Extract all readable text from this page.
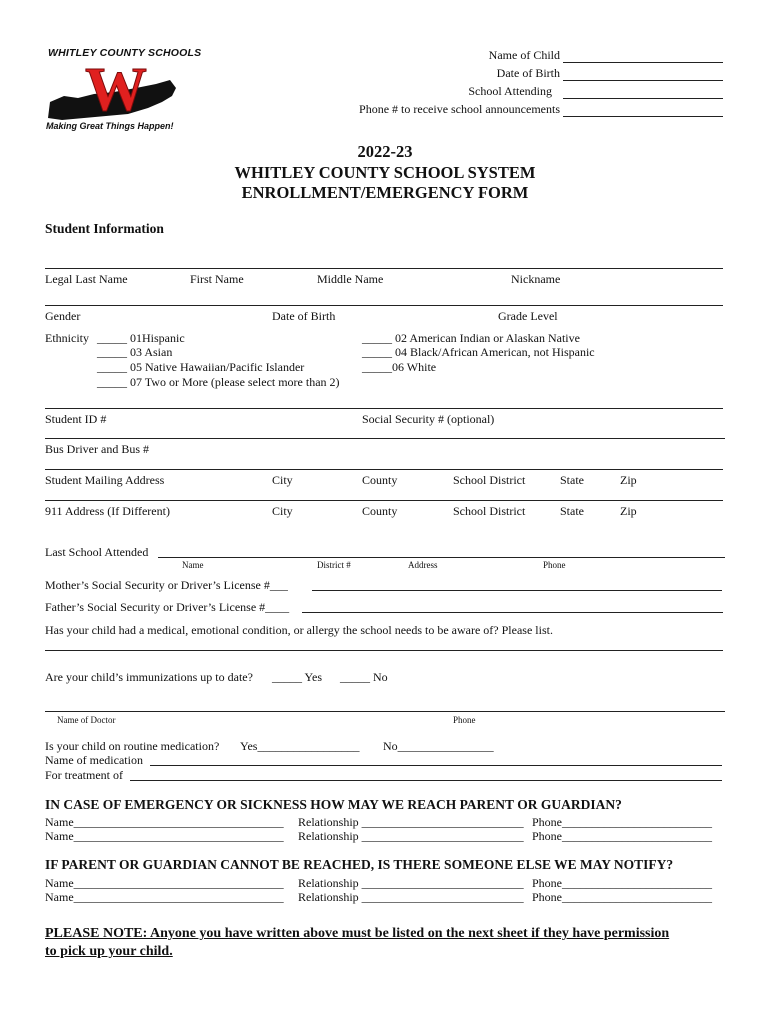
WHITLEY COUNTY SCHOOLS
W
Making Great Things Happen!
Name of Child
Date of Birth
School Attending
Phone # to receive school announcements
2022-23
WHITLEY COUNTY SCHOOL SYSTEM
ENROLLMENT/EMERGENCY FORM
Student Information
Legal Last Name	First Name	Middle Name	Nickname
Gender	Date of Birth	Grade Level
Ethnicity _____ 01Hispanic
_____ 03 Asian
_____ 05 Native Hawaiian/Pacific Islander
_____ 07 Two or More (please select more than 2)
_____ 02 American Indian or Alaskan Native
_____ 04 Black/African American, not Hispanic
_____06 White
Student ID #	Social Security # (optional)
Bus Driver and Bus #
Student Mailing Address	City	County	School District	State	Zip
911 Address (If Different)	City	County	School District	State	Zip
Last School Attended
Name	District #	Address	Phone
Mother’s Social Security or Driver’s License #___
Father’s Social Security or Driver’s License #____
Has your child had a medical, emotional condition, or allergy the school needs to be aware of? Please list.
Are your child’s immunizations up to date? _____ Yes _____ No
Name of Doctor	Phone
Is your child on routine medication? Yes_________________ No________________
Name of medication
For treatment of
IN CASE OF EMERGENCY OR SICKNESS HOW MAY WE REACH PARENT OR GUARDIAN?
Name___________________________________ Relationship ___________________________ Phone_________________________
Name___________________________________ Relationship ___________________________ Phone_________________________
IF PARENT OR GUARDIAN CANNOT BE REACHED, IS THERE SOMEONE ELSE WE MAY NOTIFY?
Name___________________________________ Relationship ___________________________ Phone_________________________
Name___________________________________ Relationship ___________________________ Phone_________________________
PLEASE NOTE: Anyone you have written above must be listed on the next sheet if they have permission
to pick up your child.
